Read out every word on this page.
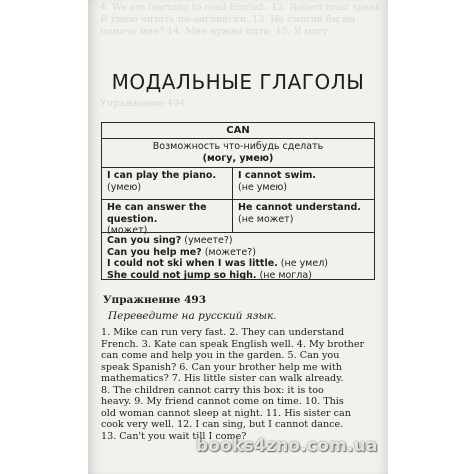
4. We are learning to read English. 12. Robert must speak
Я умею читать по-английски. 13. Не смогли бы вы
помочь мне? 14. Мне нужно идти. 15. Я могу
Упражнение 494
МОДАЛЬНЫЕ ГЛАГОЛЫ
CAN
Возможность что-нибудь сделать
(могу, умею)
I can play the piano.
(умею)
I cannot swim.
(не умею)
He can answer the question.
(может)
He cannot understand.
(не может)
Can you sing? (умеете?)
Can you help me? (можете?)
I could not ski when I was little. (не умел)
She could not jump so high. (не могла)
Упражнение 493
Переведите на русский язык.
1. Mike can run very fast. 2. They can understand
French. 3. Kate can speak English well. 4. My brother
can come and help you in the garden. 5. Can you
speak Spanish? 6. Can your brother help me with
mathematics? 7. His little sister can walk already.
8. The children cannot carry this box: it is too
heavy. 9. My friend cannot come on time. 10. This
old woman cannot sleep at night. 11. His sister can
cook very well. 12. I can sing, but I cannot dance.
13. Can't you wait till I come?
books4zno.com.ua
